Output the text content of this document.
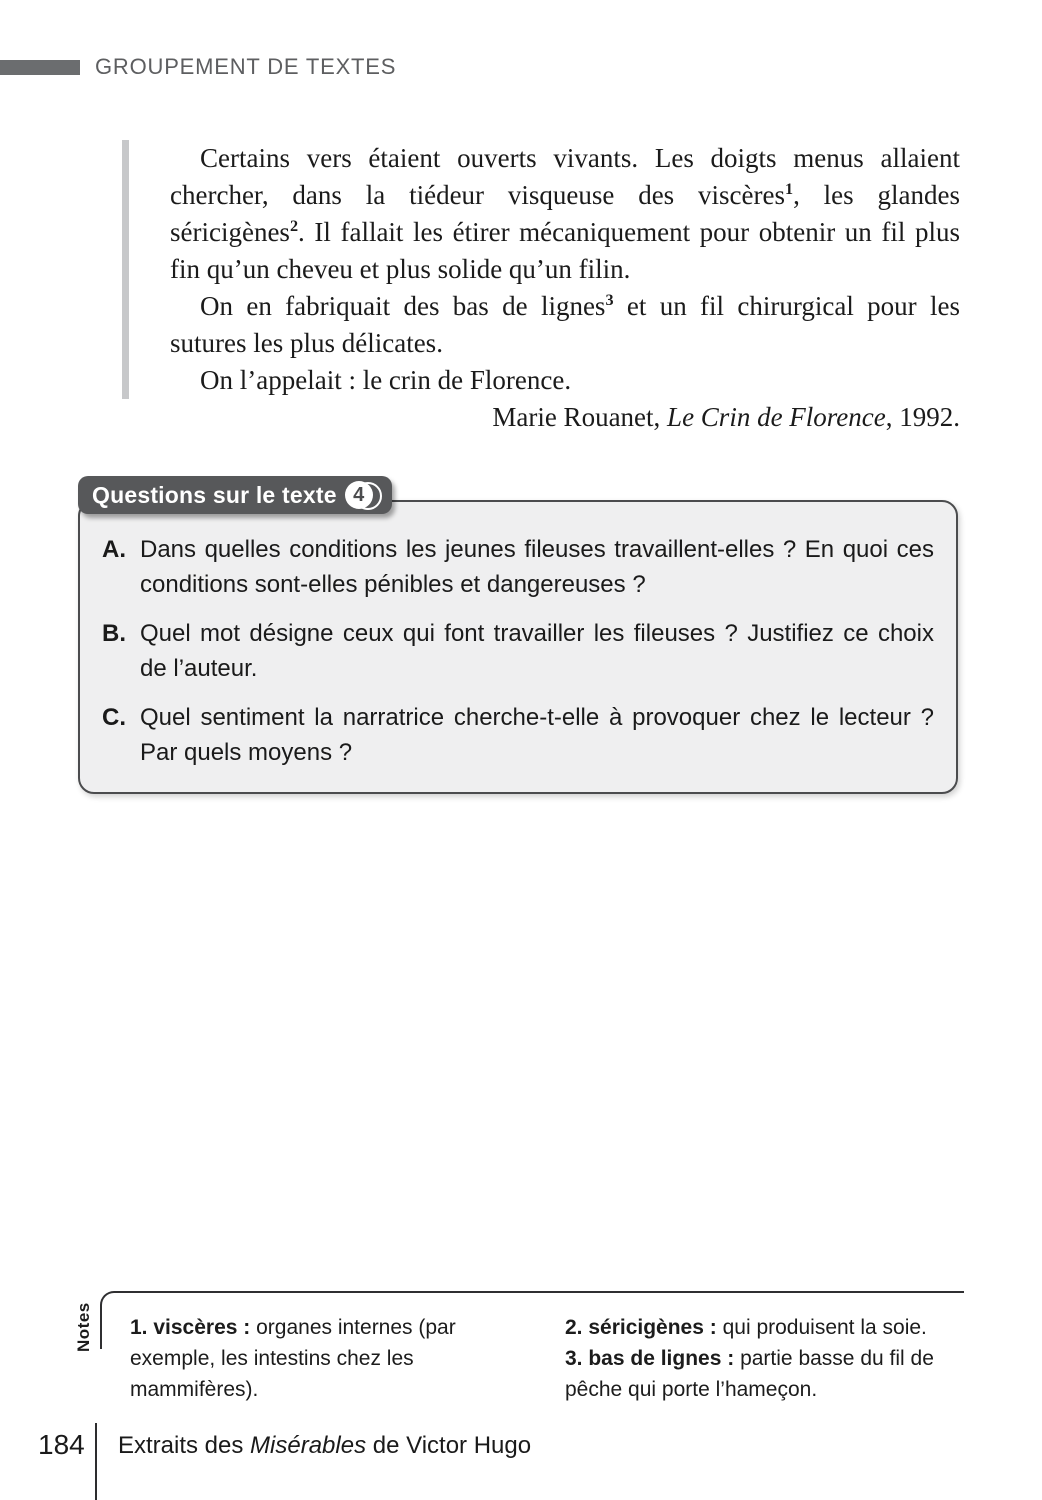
GROUPEMENT DE TEXTES

Certains vers étaient ouverts vivants. Les doigts menus allaient chercher, dans la tiédeur visqueuse des viscères$^1$, les glandes séricigènes$^2$. Il fallait les étirer mécaniquement pour obtenir un fil plus fin qu’un cheveu et plus solide qu’un filin.

On en fabriquait des bas de lignes$^3$ et un fil chirurgical pour les sutures les plus délicates.

On l’appelait : le crin de Florence.

Marie Rouanet, Le Crin de Florence, 1992.
Questions sur le texte 4
A. Dans quelles conditions les jeunes fileuses travaillent-elles ? En quoi ces conditions sont-elles pénibles et dangereuses ?
B. Quel mot désigne ceux qui font travailler les fileuses ? Justifiez ce choix de l’auteur.
C. Quel sentiment la narratrice cherche-t-elle à provoquer chez le lecteur ? Par quels moyens ?
Notes 1. viscères : organes internes (par exemple, les intestins chez les mammifères).

2. séricigènes : qui produisent la soie.

3. bas de lignes : partie basse du fil de pêche qui porte l’hameçon.

184 Extraits des Misérables de Victor Hugo
